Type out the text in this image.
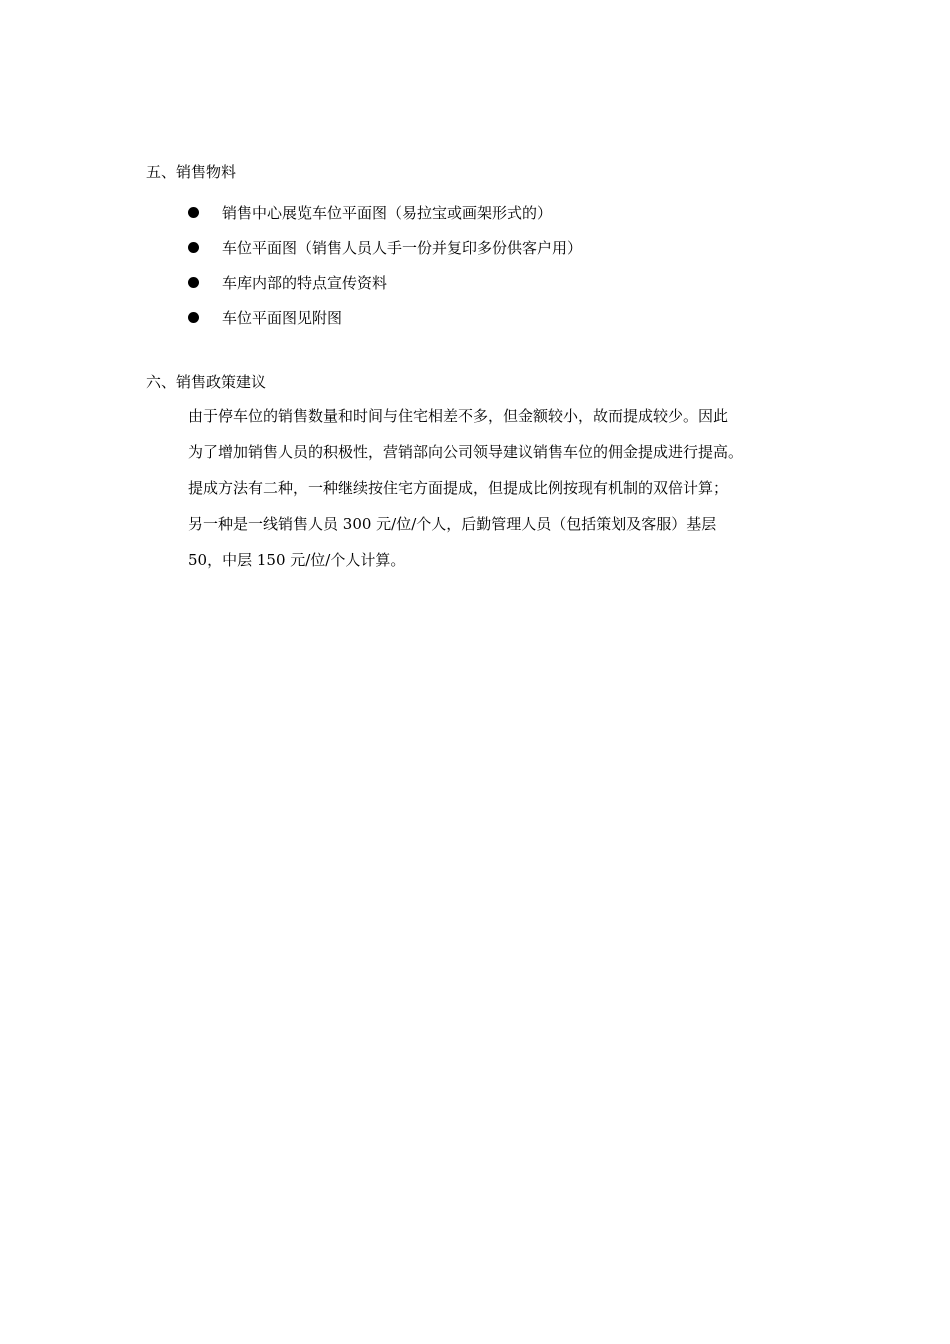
五、销售物料
销售中心展览车位平面图（易拉宝或画架形式的）
车位平面图（销售人员人手一份并复印多份供客户用）
车库内部的特点宣传资料
车位平面图见附图
六、销售政策建议
由于停车位的销售数量和时间与住宅相差不多，但金额较小，故而提成较少。因此
为了增加销售人员的积极性，营销部向公司领导建议销售车位的佣金提成进行提高。
提成方法有二种，一种继续按住宅方面提成，但提成比例按现有机制的双倍计算；
另一种是一线销售人员 300 元/位/个人，后勤管理人员（包括策划及客服）基层
50，中层 150 元/位/个人计算。
